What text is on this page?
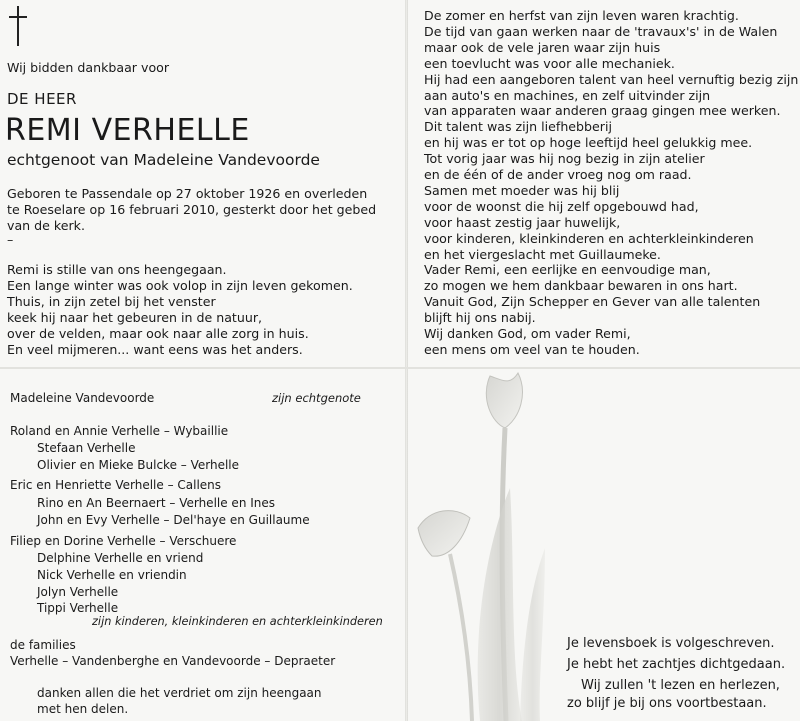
Wij bidden dankbaar voor
DE HEER
REMI VERHELLE
echtgenoot van Madeleine Vandevoorde
Geboren te Passendale op 27 oktober 1926 en overleden
te Roeselare op 16 februari 2010, gesterkt door het gebed
van de kerk.
–
Remi is stille van ons heengegaan.
Een lange winter was ook volop in zijn leven gekomen.
Thuis, in zijn zetel bij het venster
keek hij naar het gebeuren in de natuur,
over de velden, maar ook naar alle zorg in huis.
En veel mijmeren... want eens was het anders.
De zomer en herfst van zijn leven waren krachtig.
De tijd van gaan werken naar de 'travaux's' in de Walen
maar ook de vele jaren waar zijn huis
een toevlucht was voor alle mechaniek.
Hij had een aangeboren talent van heel vernuftig bezig zijn
aan auto's en machines, en zelf uitvinder zijn
van apparaten waar anderen graag gingen mee werken.
Dit talent was zijn liefhebberij
en hij was er tot op hoge leeftijd heel gelukkig mee.
Tot vorig jaar was hij nog bezig in zijn atelier
en de één of de ander vroeg nog om raad.
Samen met moeder was hij blij
voor de woonst die hij zelf opgebouwd had,
voor haast zestig jaar huwelijk,
voor kinderen, kleinkinderen en achterkleinkinderen
en het viergeslacht met Guillaumeke.
Vader Remi, een eerlijke en eenvoudige man,
zo mogen we hem dankbaar bewaren in ons hart.
Vanuit God, Zijn Schepper en Gever van alle talenten
blijft hij ons nabij.
Wij danken God, om vader Remi,
een mens om veel van te houden.
Madeleine Vandevoorde	zijn echtgenote
Roland en Annie Verhelle – Wybaillie
Stefaan Verhelle
Olivier en Mieke Bulcke – Verhelle
Eric en Henriette Verhelle – Callens
Rino en An Beernaert – Verhelle en Ines
John en Evy Verhelle – Del'haye en Guillaume
Filiep en Dorine Verhelle – Verschuere
Delphine Verhelle en vriend
Nick Verhelle en vriendin
Jolyn Verhelle
Tippi Verhelle
zijn kinderen, kleinkinderen en achterkleinkinderen
de families
Verhelle – Vandenberghe en Vandevoorde – Depraeter
danken allen die het verdriet om zijn heengaan
met hen delen.
Je levensboek is volgeschreven.
Je hebt het zachtjes dichtgedaan.
Wij zullen 't lezen en herlezen,
zo blijf je bij ons voortbestaan.
